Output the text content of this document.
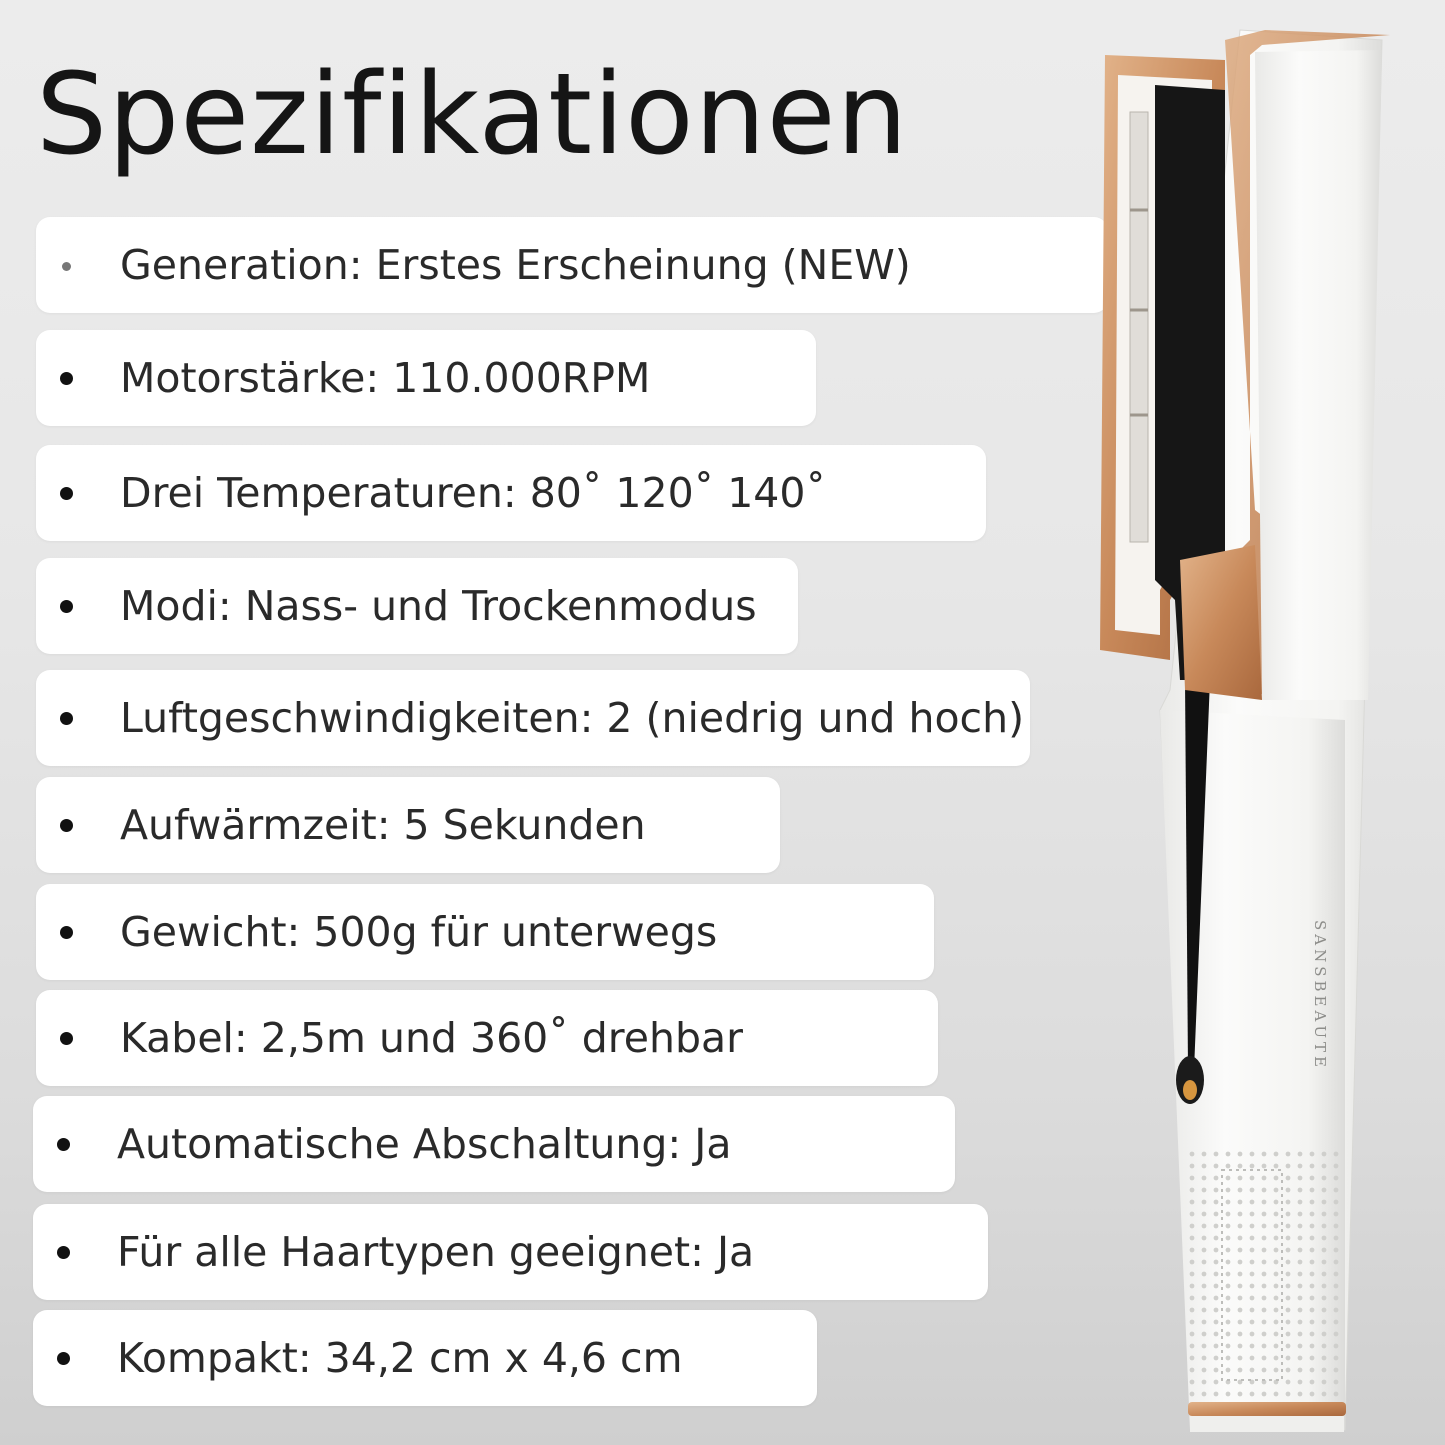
Spezifikationen
Generation: Erstes Erscheinung (NEW)
Motorstärke: 110.000RPM
Drei Temperaturen: 80˚ 120˚ 140˚
Modi: Nass- und Trockenmodus
Luftgeschwindigkeiten: 2 (niedrig und hoch)
Aufwärmzeit: 5 Sekunden
Gewicht: 500g für unterwegs
Kabel: 2,5m und 360˚ drehbar
Automatische Abschaltung: Ja
Für alle Haartypen geeignet: Ja
Kompakt: 34,2 cm x 4,6 cm
SANSBEAUTE
